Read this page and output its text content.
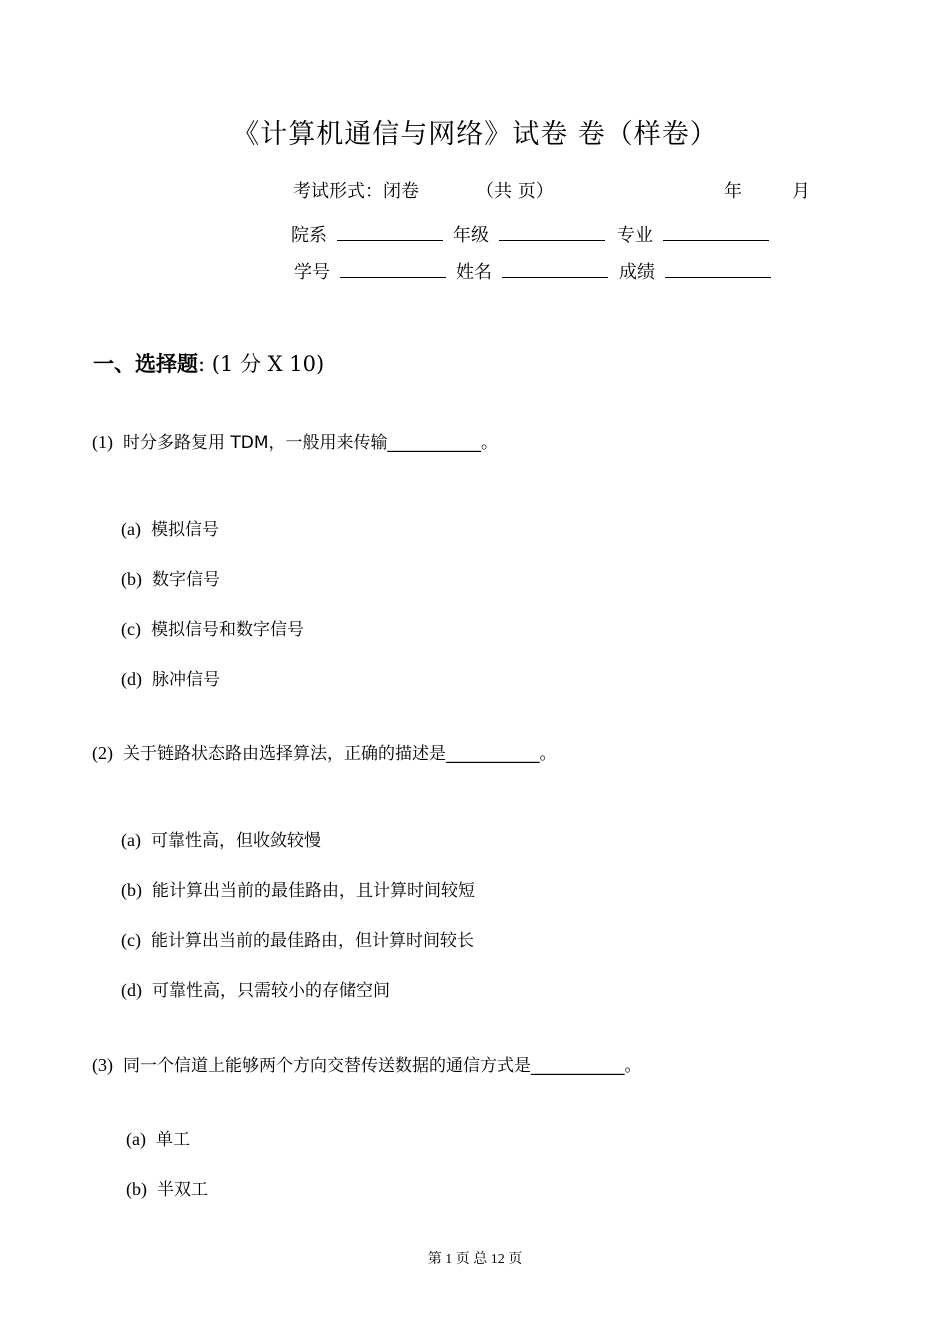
《计算机通信与网络》试卷 卷（样卷）
考试形式：闭卷	（共 页）	年	月
院系	年级	专业
学号	姓名	成绩
一、选择题: (1 分 X 10)
(1) 时分多路复用 TDM，一般用来传输___________。
(a) 模拟信号
(b) 数字信号
(c) 模拟信号和数字信号
(d) 脉冲信号
(2) 关于链路状态路由选择算法，正确的描述是___________。
(a) 可靠性高，但收敛较慢
(b) 能计算出当前的最佳路由，且计算时间较短
(c) 能计算出当前的最佳路由，但计算时间较长
(d) 可靠性高，只需较小的存储空间
(3) 同一个信道上能够两个方向交替传送数据的通信方式是___________。
(a) 单工
(b) 半双工
第 1 页 总 12 页
